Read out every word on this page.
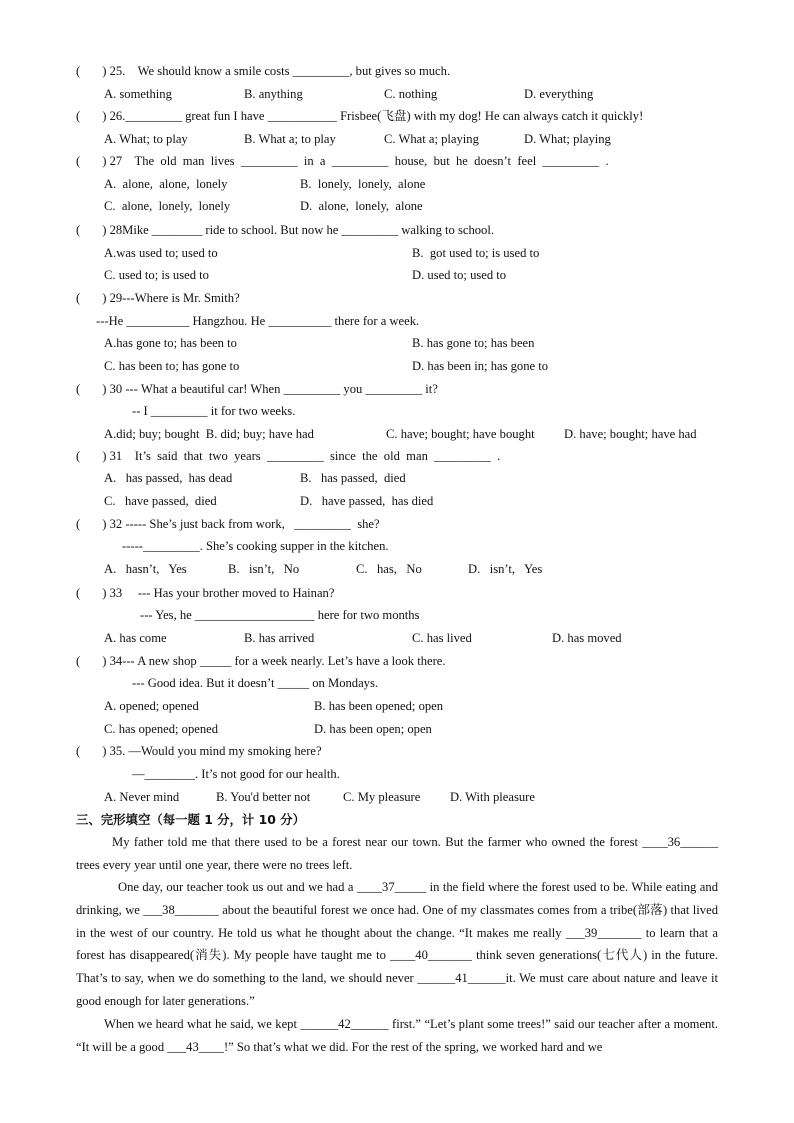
(       ) 25.    We should know a smile costs _________, but gives so much.
A. something	B. anything	C. nothing	D. everything
(       ) 26._________ great fun I have ___________ Frisbee(飞盘) with my dog! He can always catch it quickly!
A. What; to play	B. What a; to play	C. What a; playing	D. What; playing
(       ) 27    The  old  man  lives  _________  in  a  _________  house,  but  he  doesn’t  feel  _________  .
A.  alone,  alone,  lonely	B.  lonely,  lonely,  alone
C.  alone,  lonely,  lonely	D.  alone,  lonely,  alone
(       ) 28Mike ________ ride to school. But now he _________ walking to school.
A.was used to; used to	B.  got used to; is used to
C. used to; is used to	D. used to; used to
(       ) 29---Where is Mr. Smith?
---He __________ Hangzhou. He __________ there for a week.
A.has gone to; has been to	B. has gone to; has been
C. has been to; has gone to	D. has been in; has gone to
(       ) 30 --- What a beautiful car! When _________ you _________ it?
-- I _________ it for two weeks.
A.did; buy; bought  B. did; buy; have had	C. have; bought; have bought D. have; bought; have had
(       ) 31    It’s  said  that  two  years  _________  since  the  old  man  _________  .
A.   has passed,  has dead	B.   has passed,  died
C.   have passed,  died	D.   have passed,  has died
(       ) 32 ----- She’s just back from work,   _________  she?
-----_________. She’s cooking supper in the kitchen.
A.   hasn’t,   Yes	B.   isn’t,   No	C.   has,   No	D.   isn’t,   Yes
(       ) 33     --- Has your brother moved to Hainan?
--- Yes, he ___________________ here for two months
A. has come	B. has arrived	C. has lived	D. has moved
(       ) 34--- A new shop _____ for a week nearly. Let’s have a look there.
--- Good idea. But it doesn’t _____ on Mondays.
A. opened; opened	B. has been opened; open
C. has opened; opened	D. has been open; open
(       ) 35. —Would you mind my smoking here?
—________. It’s not good for our health.
A. Never mind	B. You'd better not	C. My pleasure D. With pleasure
三、完形填空（每一题 1 分，计 10 分）
My father told me that there used to be a forest near our town. But the farmer who owned the forest ____36______ trees every year until one year, there were no trees left.
One day, our teacher took us out and we had a ____37_____ in the field where the forest used to be. While eating and drinking, we ___38_______ about the beautiful forest we once had. One of my classmates comes from a tribe(部落) that lived in the west of our country. He told us what he thought about the change. “It makes me really ___39_______ to learn that a forest has disappeared(消失). My people have taught me to ____40_______ think seven generations(七代人) in the future. That’s to say, when we do something to the land, we should never ______41______it. We must care about nature and leave it good enough for later generations.”
When we heard what he said, we kept ______42______ first.” “Let’s plant some trees!” said our teacher after a moment. “It will be a good ___43____!” So that’s what we did. For the rest of the spring, we worked hard and we
